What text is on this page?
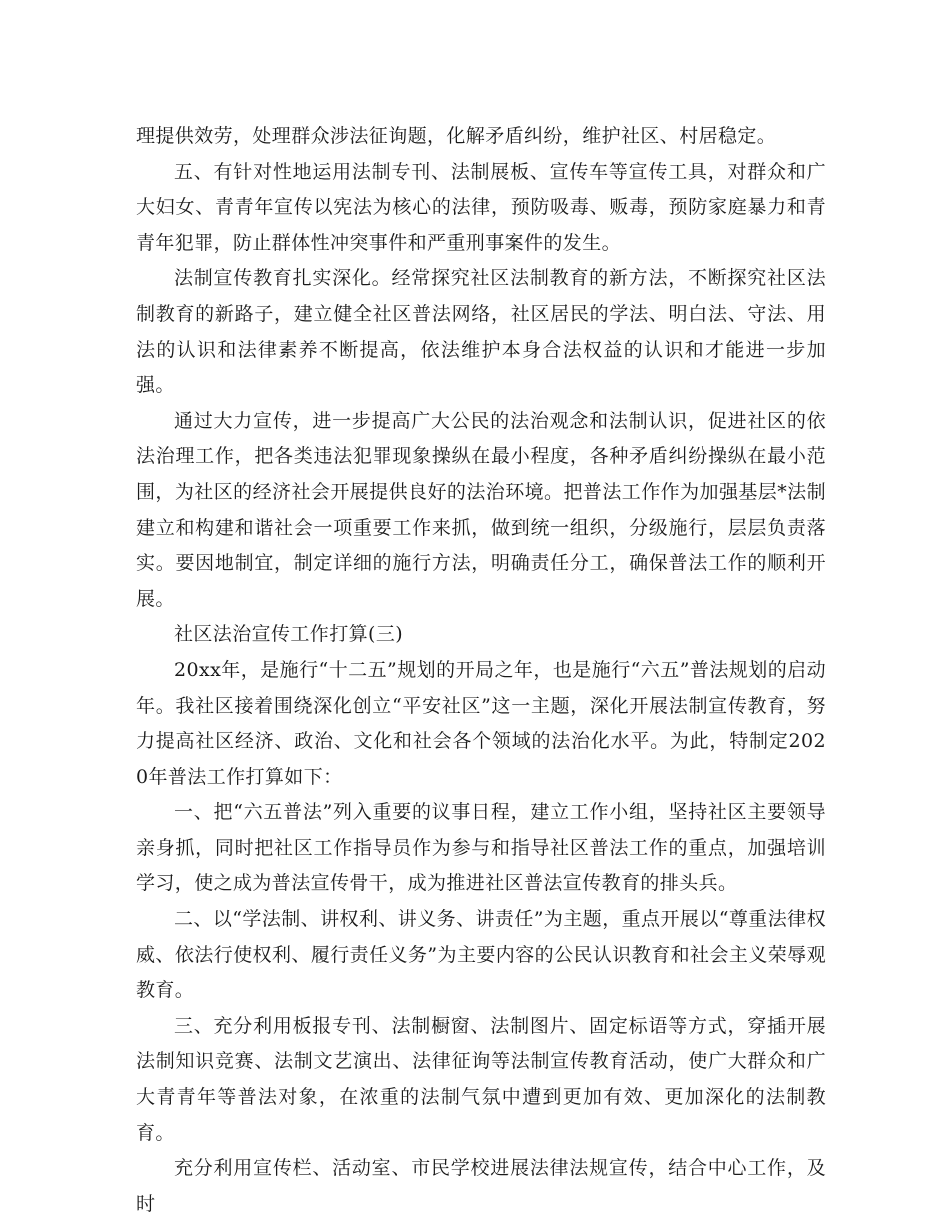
理提供效劳，处理群众涉法征询题，化解矛盾纠纷，维护社区、村居稳定。

五、有针对性地运用法制专刊、法制展板、宣传车等宣传工具，对群众和广大妇女、青青年宣传以宪法为核心的法律，预防吸毒、贩毒，预防家庭暴力和青青年犯罪，防止群体性冲突事件和严重刑事案件的发生。

法制宣传教育扎实深化。经常探究社区法制教育的新方法，不断探究社区法制教育的新路子，建立健全社区普法网络，社区居民的学法、明白法、守法、用法的认识和法律素养不断提高，依法维护本身合法权益的认识和才能进一步加强。

通过大力宣传，进一步提高广大公民的法治观念和法制认识，促进社区的依法治理工作，把各类违法犯罪现象操纵在最小程度，各种矛盾纠纷操纵在最小范围，为社区的经济社会开展提供良好的法治环境。把普法工作作为加强基层*法制建立和构建和谐社会一项重要工作来抓，做到统一组织，分级施行，层层负责落实。要因地制宜，制定详细的施行方法，明确责任分工，确保普法工作的顺利开展。

社区法治宣传工作打算(三)

20xx年，是施行“十二五”规划的开局之年，也是施行“六五”普法规划的启动年。我社区接着围绕深化创立“平安社区”这一主题，深化开展法制宣传教育，努力提高社区经济、政治、文化和社会各个领域的法治化水平。为此，特制定2020年普法工作打算如下：

一、把“六五普法”列入重要的议事日程，建立工作小组，坚持社区主要领导亲身抓，同时把社区工作指导员作为参与和指导社区普法工作的重点，加强培训学习，使之成为普法宣传骨干，成为推进社区普法宣传教育的排头兵。

二、以“学法制、讲权利、讲义务、讲责任”为主题，重点开展以“尊重法律权威、依法行使权利、履行责任义务”为主要内容的公民认识教育和社会主义荣辱观教育。

三、充分利用板报专刊、法制橱窗、法制图片、固定标语等方式，穿插开展法制知识竞赛、法制文艺演出、法律征询等法制宣传教育活动，使广大群众和广大青青年等普法对象，在浓重的法制气氛中遭到更加有效、更加深化的法制教育。

充分利用宣传栏、活动室、市民学校进展法律法规宣传，结合中心工作，及时
